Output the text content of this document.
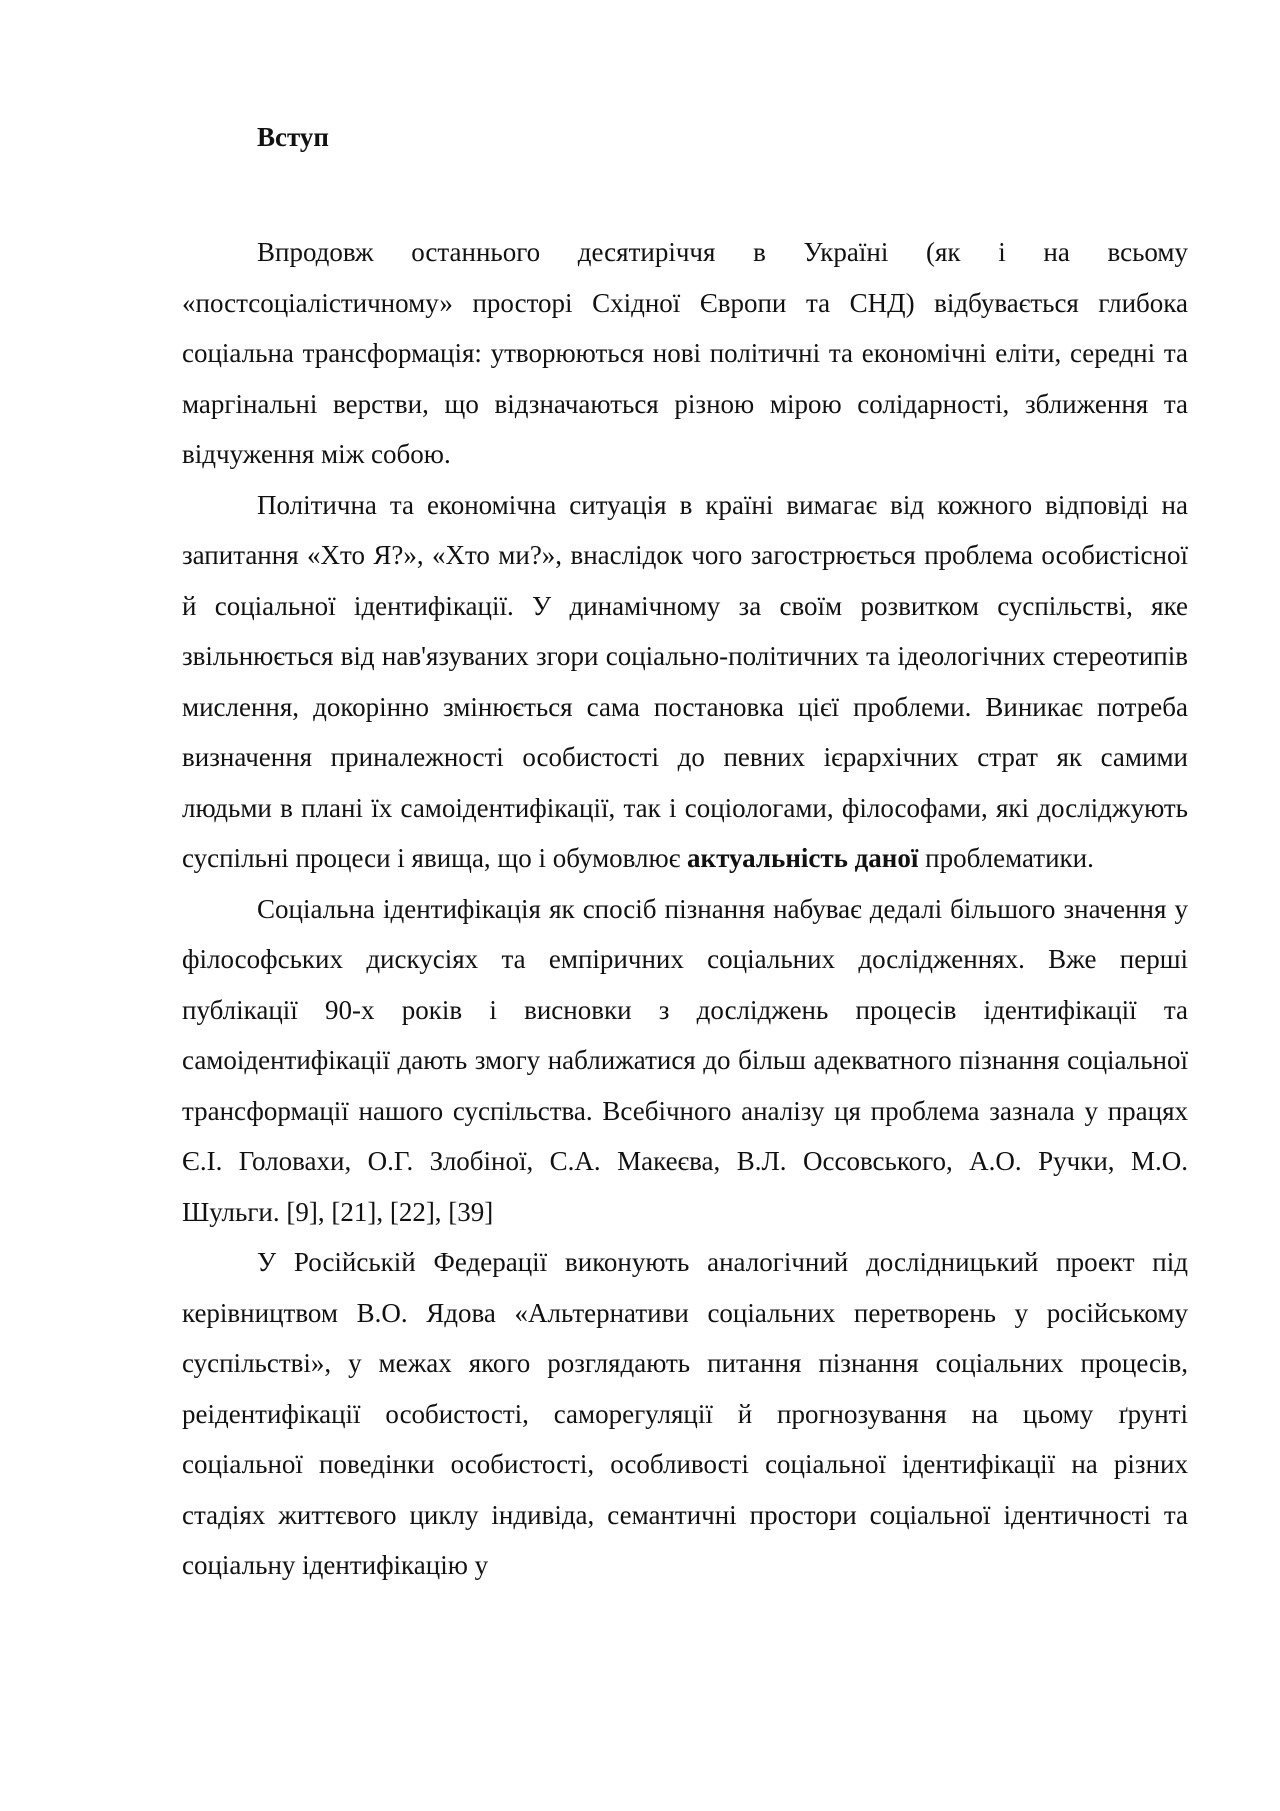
Вступ

Впродовж останнього десятиріччя в Україні (як і на всьому «постсоціалістичному» просторі Східної Європи та СНД) відбувається глибока соціальна трансформація: утворюються нові політичні та економічні еліти, середні та маргінальні верстви, що відзначаються різною мірою солідарності, зближення та відчуження між собою.

Політична та економічна ситуація в країні вимагає від кожного відповіді на запитання «Хто Я?», «Хто ми?», внаслідок чого загострюється проблема особистісної й соціальної ідентифікації. У динамічному за своїм розвитком суспільстві, яке звільнюється від нав'язуваних згори соціально-політичних та ідеологічних стереотипів мислення, докорінно змінюється сама постановка цієї проблеми. Виникає потреба визначення приналежності особистості до певних ієрархічних страт як самими людьми в плані їх самоідентифікації, так і соціологами, філософами, які досліджують суспільні процеси і явища, що і обумовлює актуальність даної проблематики.

Соціальна ідентифікація як спосіб пізнання набуває дедалі більшого значення у філософських дискусіях та емпіричних соціальних дослідженнях. Вже перші публікації 90-х років і висновки з досліджень процесів ідентифікації та самоідентифікації дають змогу наближатися до більш адекватного пізнання соціальної трансформації нашого суспільства. Всебічного аналізу ця проблема зазнала у працях Є.І. Головахи, О.Г. Злобіної, С.А. Макеєва, В.Л. Оссовського, А.О. Ручки, М.О. Шульги. [9], [21], [22], [39]

У Російській Федерації виконують аналогічний дослідницький проект під керівництвом В.О. Ядова «Альтернативи соціальних перетворень у російському суспільстві», у межах якого розглядають питання пізнання соціальних процесів, реідентифікації особистості, саморегуляції й прогнозування на цьому ґрунті соціальної поведінки особистості, особливості соціальної ідентифікації на різних стадіях життєвого циклу індивіда, семантичні простори соціальної ідентичності та соціальну ідентифікацію у
